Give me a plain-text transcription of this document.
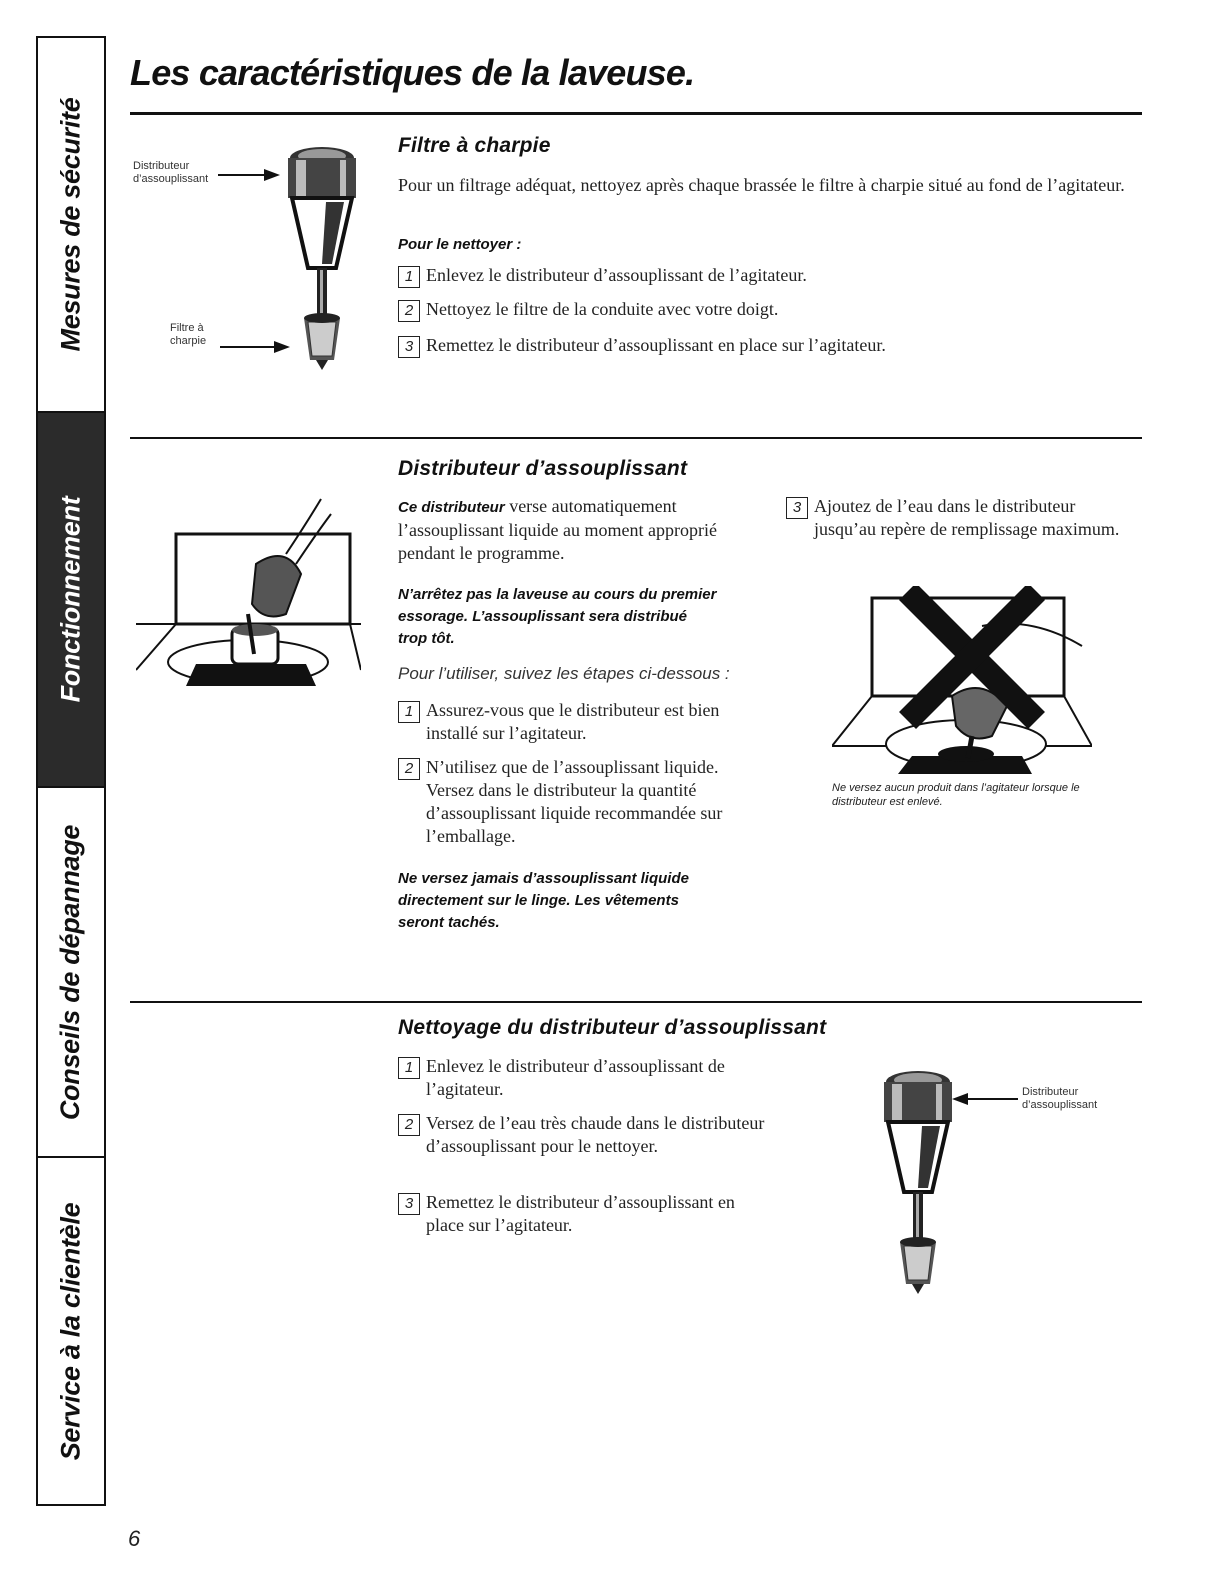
Mesures de sécurité
Fonctionnement
Conseils de dépannage
Service à la clientèle
Les caractéristiques de la laveuse.
Distributeur d’assouplissant
Filtre à charpie
Filtre à charpie
Pour un filtrage adéquat, nettoyez après chaque brassée le filtre à charpie situé au fond de l’agitateur.
Pour le nettoyer :
1 Enlevez le distributeur d’assouplissant de l’agitateur.
2 Nettoyez le filtre de la conduite avec votre doigt.
3 Remettez le distributeur d’assouplissant en place sur l’agitateur.
Distributeur d’assouplissant
Ce distributeur verse automatiquement l’assouplissant liquide au moment approprié pendant le programme.
N’arrêtez pas la laveuse au cours du premier essorage. L’assouplissant sera distribué trop tôt.
Pour l’utiliser, suivez les étapes ci-dessous :
1 Assurez-vous que le distributeur est bien installé sur l’agitateur.
2 N’utilisez que de l’assouplissant liquide. Versez dans le distributeur la quantité d’assouplissant liquide recommandée sur l’emballage.
Ne versez jamais d’assouplissant liquide directement sur le linge. Les vêtements seront tachés.
3 Ajoutez de l’eau dans le distributeur jusqu’au repère de remplissage maximum.
Ne versez aucun produit dans l’agitateur lorsque le distributeur est enlevé.
Nettoyage du distributeur d’assouplissant
1 Enlevez le distributeur d’assouplissant de l’agitateur.
2 Versez de l’eau très chaude dans le distributeur d’assouplissant pour le nettoyer.
3 Remettez le distributeur d’assouplissant en place sur l’agitateur.
Distributeur d’assouplissant
6
